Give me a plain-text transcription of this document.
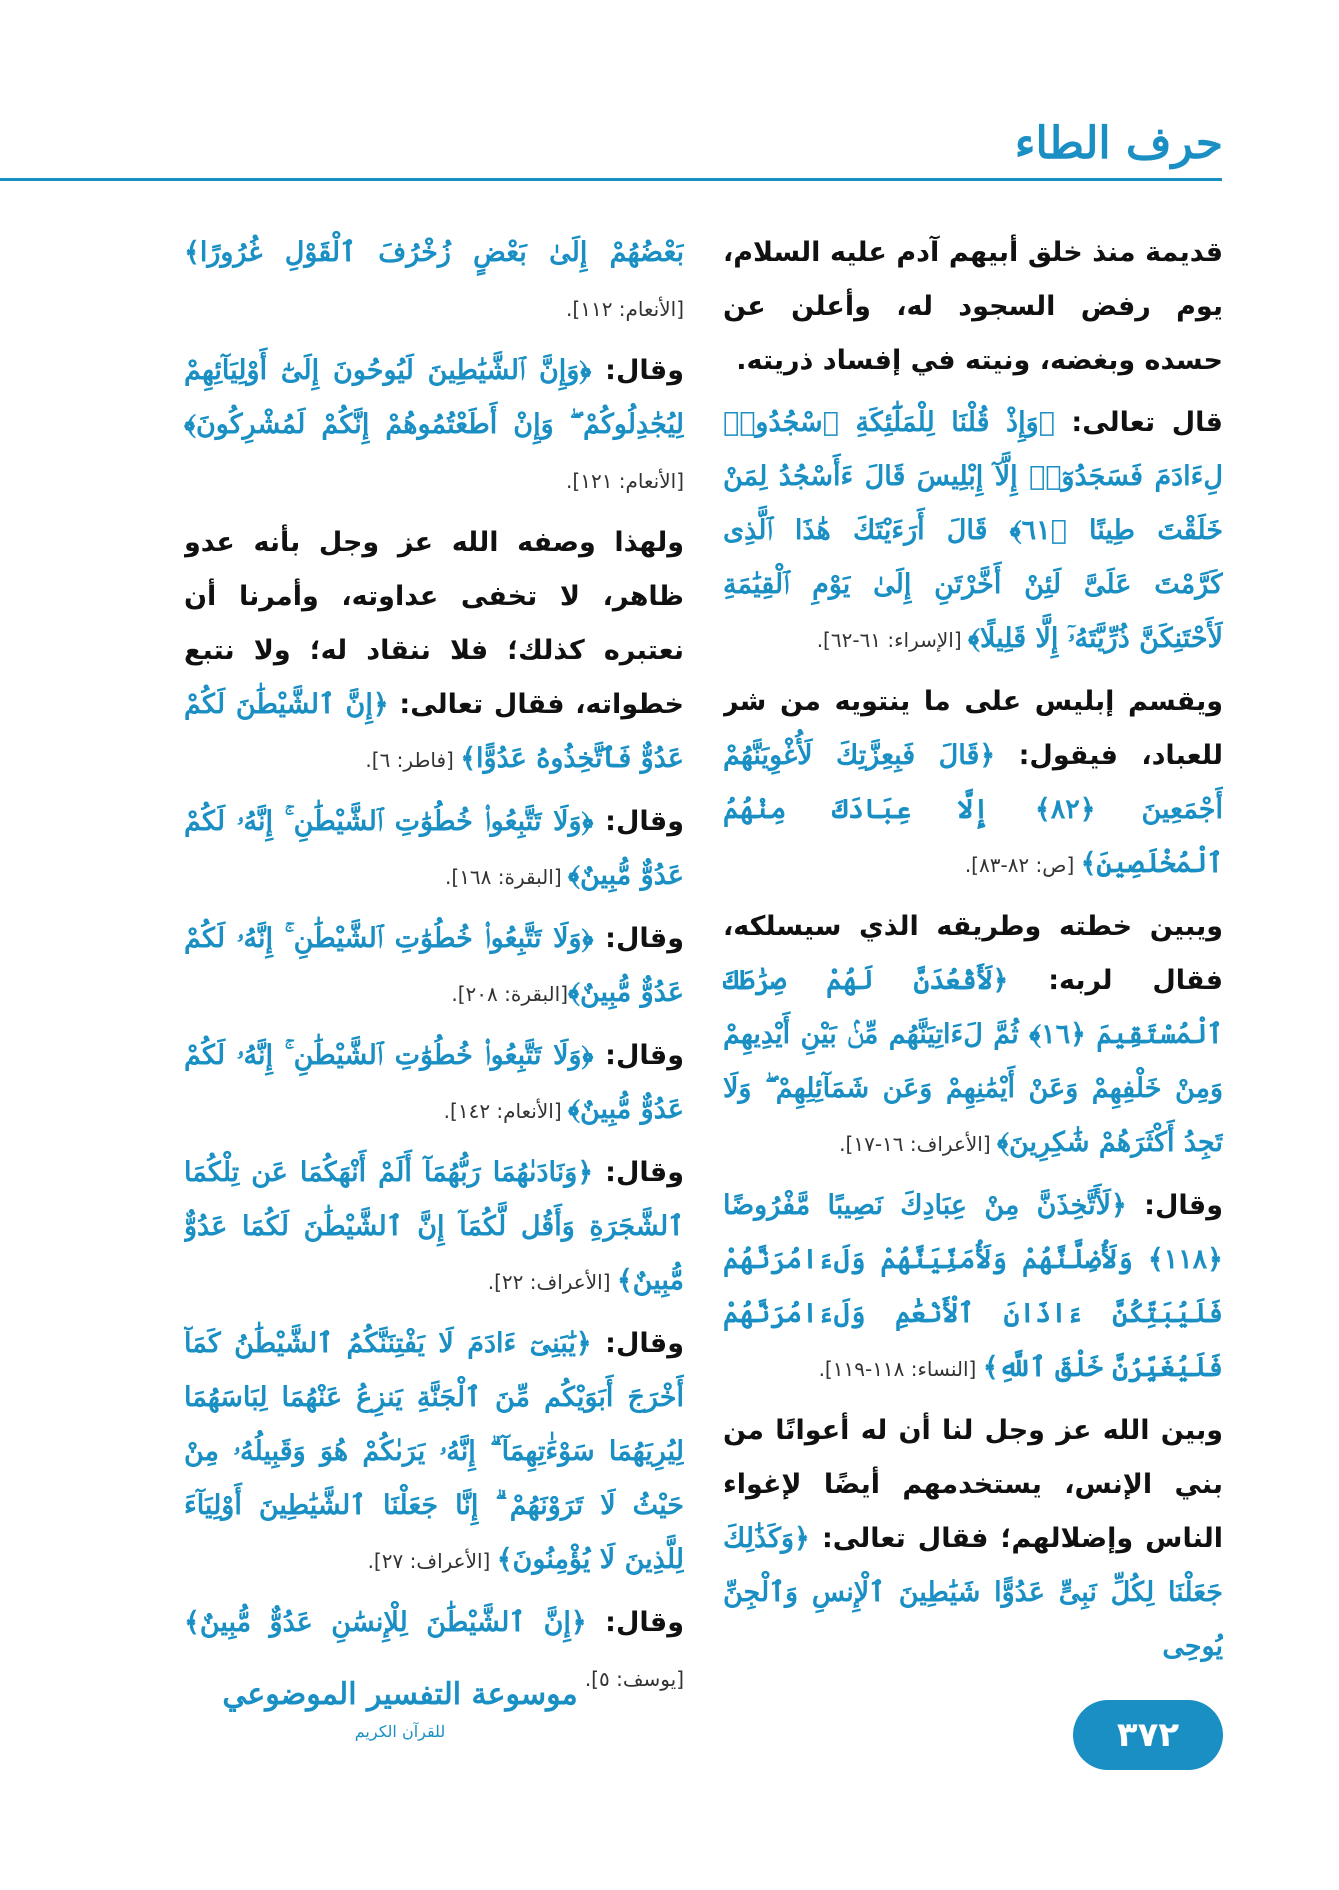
حرف الطاء
قديمة منذ خلق أبيهم آدم عليه السلام، يوم رفض السجود له، وأعلن عن حسده وبغضه، ونيته في إفساد ذريته.
قال تعالى: ﴿وَإِذْ قُلْنَا لِلْمَلَٰٓئِكَةِ ٱسْجُدُوا۟ لِءَادَمَ فَسَجَدُوٓا۟ إِلَّآ إِبْلِيسَ قَالَ ءَأَسْجُدُ لِمَنْ خَلَقْتَ طِينًا ﴿٦١﴾ قَالَ أَرَءَيْتَكَ هَٰذَا ٱلَّذِى كَرَّمْتَ عَلَىَّ لَئِنْ أَخَّرْتَنِ إِلَىٰ يَوْمِ ٱلْقِيَٰمَةِ لَأَحْتَنِكَنَّ ذُرِّيَّتَهُۥٓ إِلَّا قَلِيلًا﴾ [الإسراء: ٦١-٦٢].
ويقسم إبليس على ما ينتويه من شر للعباد، فيقول: ﴿قَالَ فَبِعِزَّتِكَ لَأُغْوِيَنَّهُمْ أَجْمَعِينَ ﴿٨٢﴾ إِلَّا عِبَادَكَ مِنْهُمُ ٱلْمُخْلَصِينَ﴾ [ص: ٨٢-٨٣].
ويبين خطته وطريقه الذي سيسلكه، فقال لربه: ﴿لَأَقْعُدَنَّ لَهُمْ صِرَٰطَكَ ٱلْمُسْتَقِيمَ ﴿١٦﴾ ثُمَّ لَءَاتِيَنَّهُم مِّنۢ بَيْنِ أَيْدِيهِمْ وَمِنْ خَلْفِهِمْ وَعَنْ أَيْمَٰنِهِمْ وَعَن شَمَآئِلِهِمْ ۖ وَلَا تَجِدُ أَكْثَرَهُمْ شَٰكِرِينَ﴾ [الأعراف: ١٦-١٧].
وقال: ﴿لَأَتَّخِذَنَّ مِنْ عِبَادِكَ نَصِيبًا مَّفْرُوضًا ﴿١١٨﴾ وَلَأُضِلَّنَّهُمْ وَلَأُمَنِّيَنَّهُمْ وَلَءَامُرَنَّهُمْ فَلَيُبَتِّكُنَّ ءَاذَانَ ٱلْأَنْعَٰمِ وَلَءَامُرَنَّهُمْ فَلَيُغَيِّرُنَّ خَلْقَ ٱللَّهِ﴾ [النساء: ١١٨-١١٩].
وبين الله عز وجل لنا أن له أعوانًا من بني الإنس، يستخدمهم أيضًا لإغواء الناس وإضلالهم؛ فقال تعالى: ﴿وَكَذَٰلِكَ جَعَلْنَا لِكُلِّ نَبِىٍّ عَدُوًّا شَيَٰطِينَ ٱلْإِنسِ وَٱلْجِنِّ يُوحِى
بَعْضُهُمْ إِلَىٰ بَعْضٍ زُخْرُفَ ٱلْقَوْلِ غُرُورًا﴾ [الأنعام: ١١٢].
وقال: ﴿وَإِنَّ ٱلشَّيَٰطِينَ لَيُوحُونَ إِلَىٰٓ أَوْلِيَآئِهِمْ لِيُجَٰدِلُوكُمْ ۖ وَإِنْ أَطَعْتُمُوهُمْ إِنَّكُمْ لَمُشْرِكُونَ﴾ [الأنعام: ١٢١].
ولهذا وصفه الله عز وجل بأنه عدو ظاهر، لا تخفى عداوته، وأمرنا أن نعتبره كذلك؛ فلا ننقاد له؛ ولا نتبع خطواته، فقال تعالى: ﴿إِنَّ ٱلشَّيْطَٰنَ لَكُمْ عَدُوٌّ فَٱتَّخِذُوهُ عَدُوًّا﴾ [فاطر: ٦].
وقال: ﴿وَلَا تَتَّبِعُوا۟ خُطُوَٰتِ ٱلشَّيْطَٰنِ ۚ إِنَّهُۥ لَكُمْ عَدُوٌّ مُّبِينٌ﴾ [البقرة: ١٦٨].
وقال: ﴿وَلَا تَتَّبِعُوا۟ خُطُوَٰتِ ٱلشَّيْطَٰنِ ۚ إِنَّهُۥ لَكُمْ عَدُوٌّ مُّبِينٌ﴾[البقرة: ٢٠٨].
وقال: ﴿وَلَا تَتَّبِعُوا۟ خُطُوَٰتِ ٱلشَّيْطَٰنِ ۚ إِنَّهُۥ لَكُمْ عَدُوٌّ مُّبِينٌ﴾ [الأنعام: ١٤٢].
وقال: ﴿وَنَادَىٰهُمَا رَبُّهُمَآ أَلَمْ أَنْهَكُمَا عَن تِلْكُمَا ٱلشَّجَرَةِ وَأَقُل لَّكُمَآ إِنَّ ٱلشَّيْطَٰنَ لَكُمَا عَدُوٌّ مُّبِينٌ﴾ [الأعراف: ٢٢].
وقال: ﴿يَٰبَنِىٓ ءَادَمَ لَا يَفْتِنَنَّكُمُ ٱلشَّيْطَٰنُ كَمَآ أَخْرَجَ أَبَوَيْكُم مِّنَ ٱلْجَنَّةِ يَنزِعُ عَنْهُمَا لِبَاسَهُمَا لِيُرِيَهُمَا سَوْءَٰتِهِمَآ ۗ إِنَّهُۥ يَرَىٰكُمْ هُوَ وَقَبِيلُهُۥ مِنْ حَيْثُ لَا تَرَوْنَهُمْ ۗ إِنَّا جَعَلْنَا ٱلشَّيَٰطِينَ أَوْلِيَآءَ لِلَّذِينَ لَا يُؤْمِنُونَ﴾ [الأعراف: ٢٧].
وقال: ﴿إِنَّ ٱلشَّيْطَٰنَ لِلْإِنسَٰنِ عَدُوٌّ مُّبِينٌ﴾ [يوسف: ٥].
موسوعة التفسير الموضوعي
للقرآن الكريم	٣٧٢
